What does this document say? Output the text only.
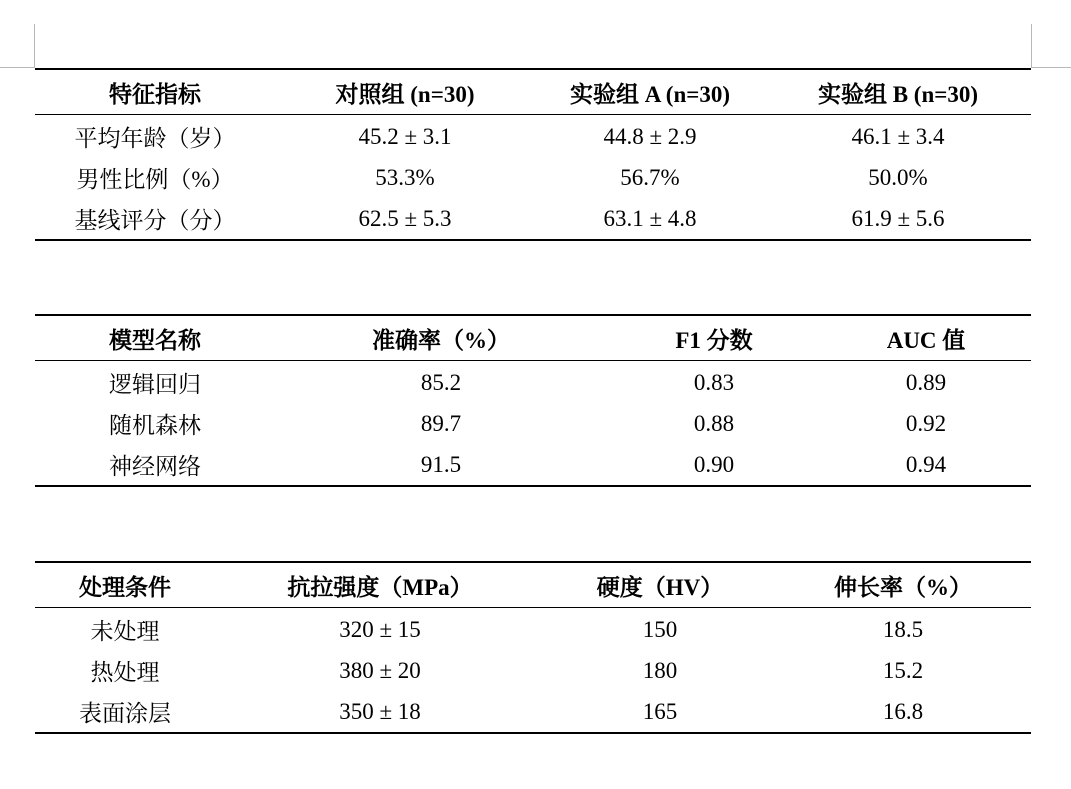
特征指标	对照组 (n=30)	实验组 A (n=30)	实验组 B (n=30)
平均年龄（岁）	45.2 ± 3.1	44.8 ± 2.9	46.1 ± 3.4
男性比例（%）	53.3%	56.7%	50.0%
基线评分（分）	62.5 ± 5.3	63.1 ± 4.8	61.9 ± 5.6
模型名称	准确率（%）	F1 分数	AUC 值
逻辑回归	85.2	0.83	0.89
随机森林	89.7	0.88	0.92
神经网络	91.5	0.90	0.94
处理条件	抗拉强度（MPa）	硬度（HV）	伸长率（%）
未处理	320 ± 15	150	18.5
热处理	380 ± 20	180	15.2
表面涂层	350 ± 18	165	16.8
